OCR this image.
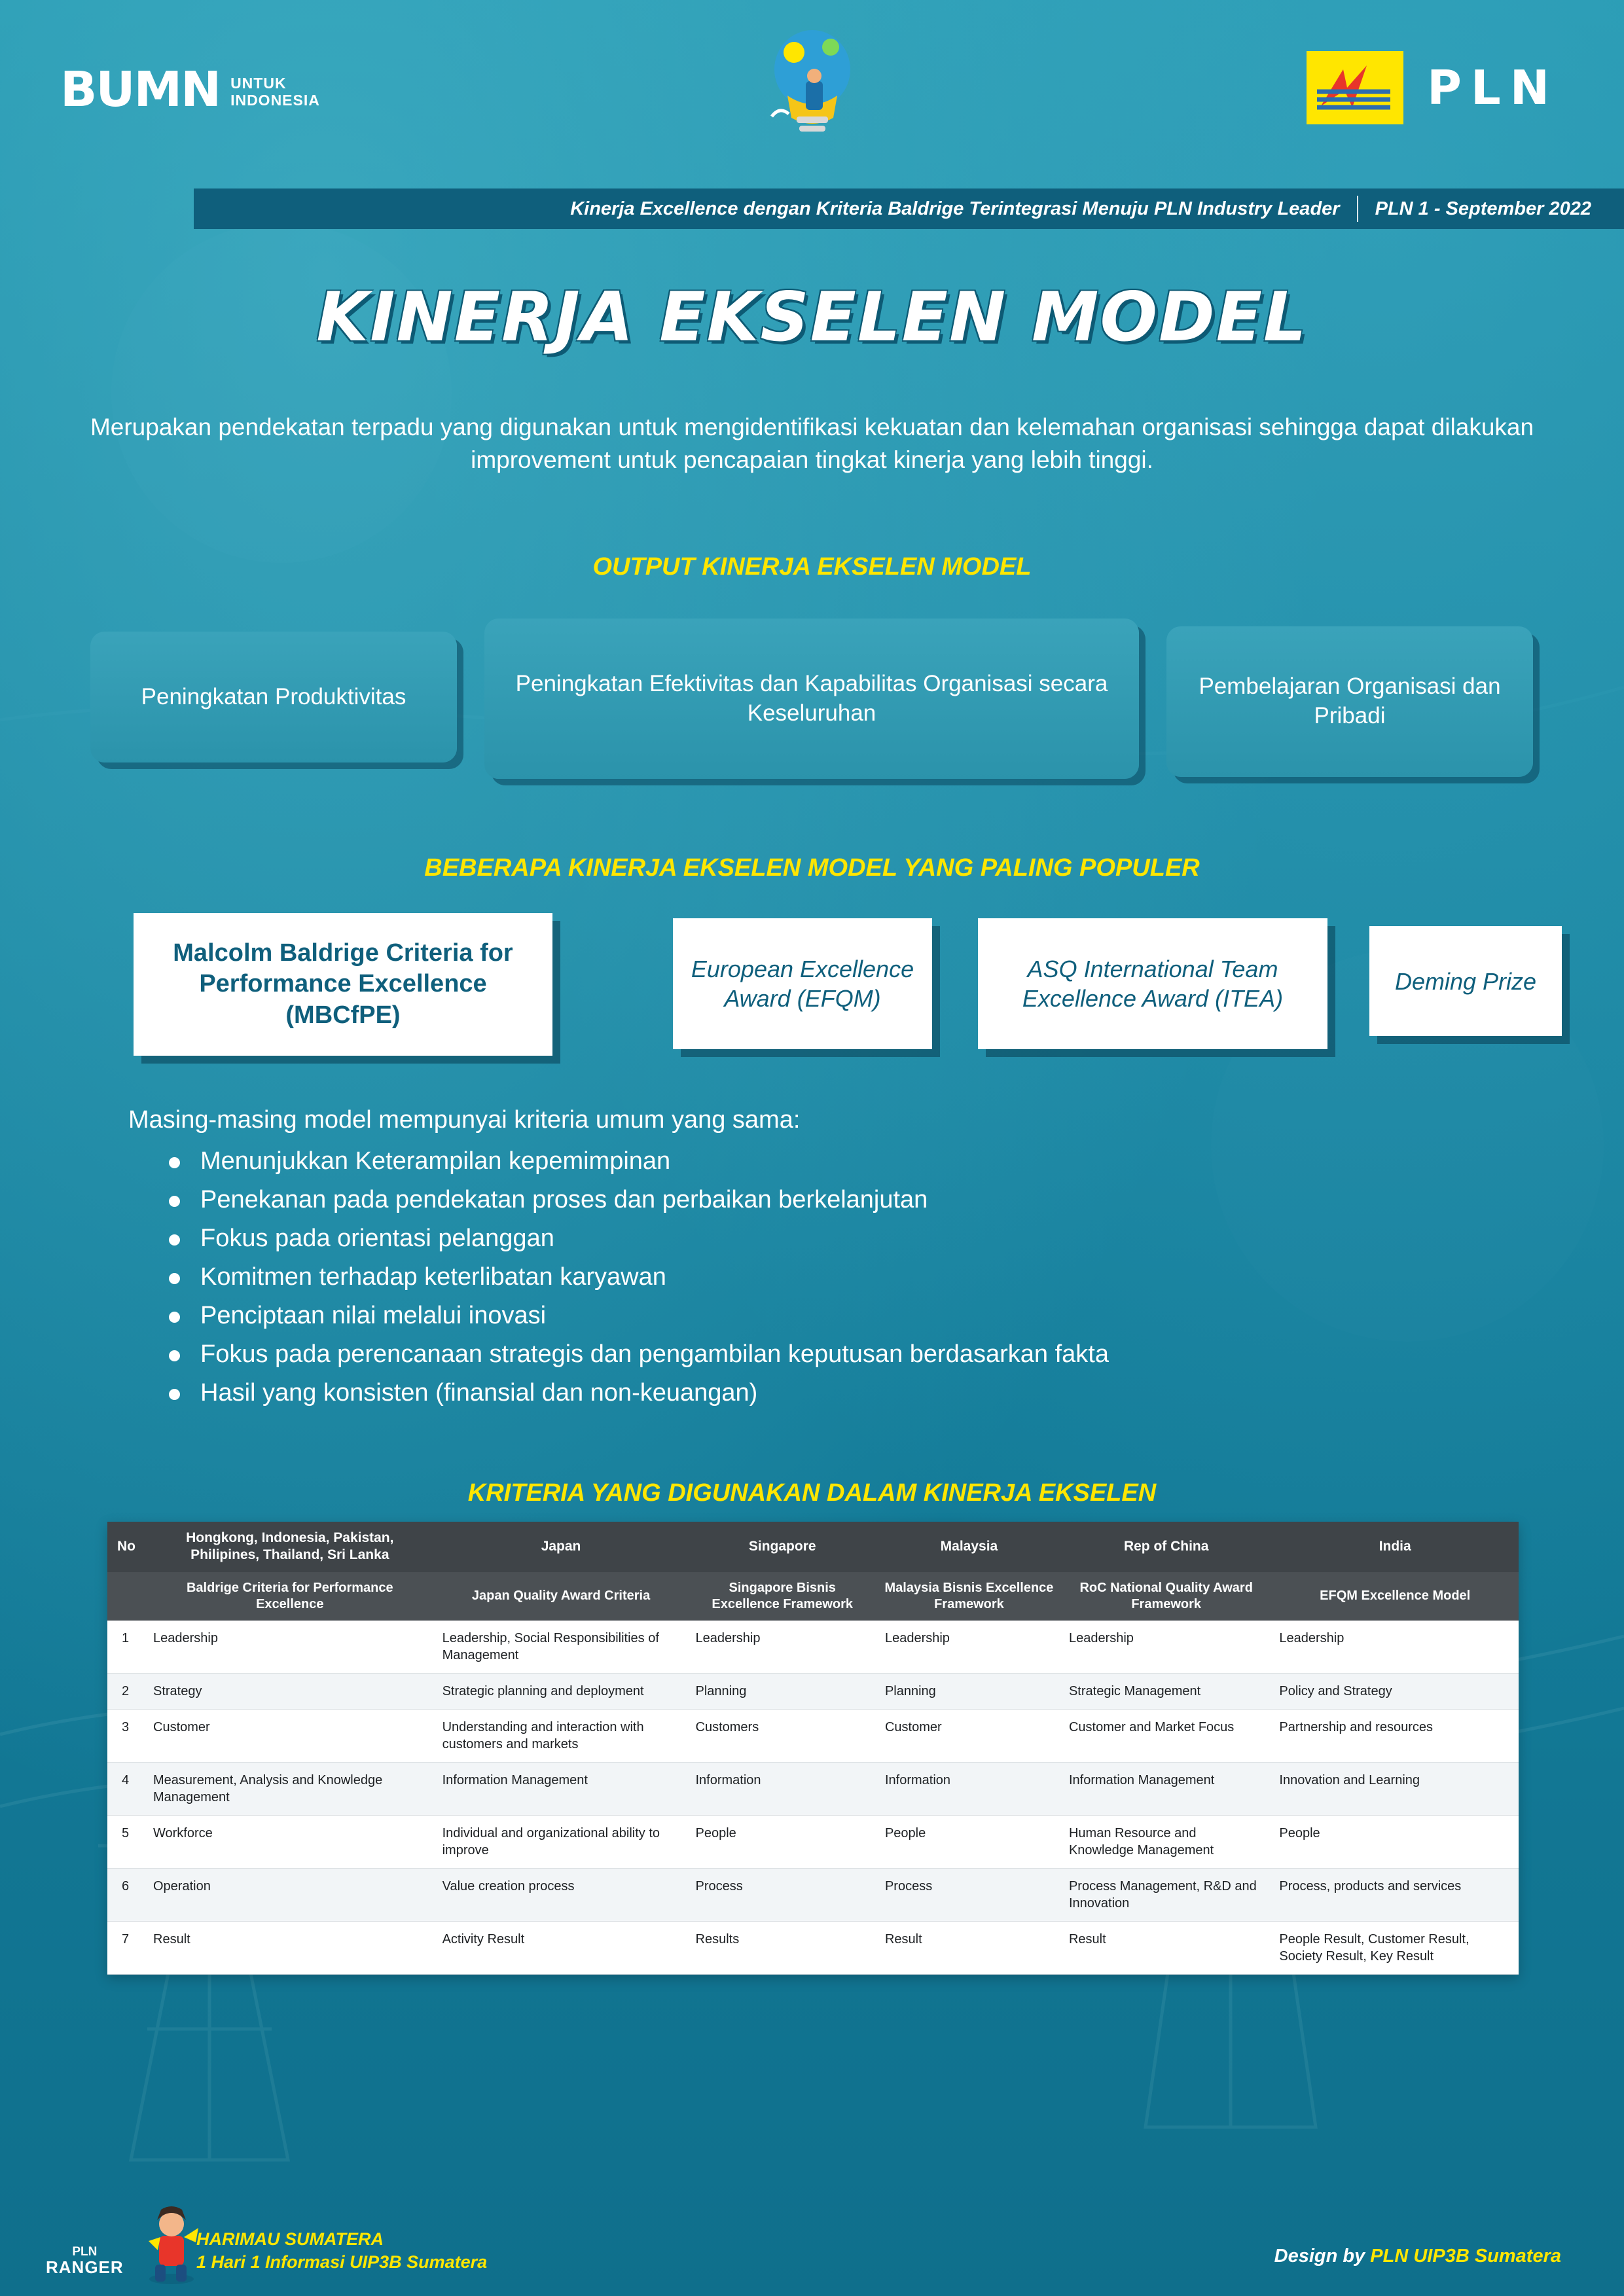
BUMN UNTUK
INDONESIA	PLN
Kinerja Excellence dengan Kriteria Baldrige Terintegrasi Menuju PLN Industry Leader PLN 1 - September 2022
KINERJA EKSELEN MODEL
Merupakan pendekatan terpadu yang digunakan untuk mengidentifikasi kekuatan dan kelemahan organisasi sehingga dapat dilakukan improvement untuk pencapaian tingkat kinerja yang lebih tinggi.
OUTPUT KINERJA EKSELEN MODEL
Peningkatan Produktivitas
Peningkatan Efektivitas dan Kapabilitas Organisasi secara Keseluruhan
Pembelajaran Organisasi dan Pribadi
BEBERAPA KINERJA EKSELEN MODEL YANG PALING POPULER
Malcolm Baldrige Criteria for Performance Excellence (MBCfPE)
European Excellence Award (EFQM)
ASQ International Team Excellence Award (ITEA)
Deming Prize
Masing-masing model mempunyai kriteria umum yang sama:
Menunjukkan Keterampilan kepemimpinan
Penekanan pada pendekatan proses dan perbaikan berkelanjutan
Fokus pada orientasi pelanggan
Komitmen terhadap keterlibatan karyawan
Penciptaan nilai melalui inovasi
Fokus pada perencanaan strategis dan pengambilan keputusan berdasarkan fakta
Hasil yang konsisten (finansial dan non-keuangan)
KRITERIA YANG DIGUNAKAN DALAM KINERJA EKSELEN
No	Hongkong, Indonesia, Pakistan, Philipines, Thailand, Sri Lanka	Japan	Singapore	Malaysia	Rep of China	India
	Baldrige Criteria for Performance Excellence	Japan Quality Award Criteria	Singapore Bisnis Excellence Framework	Malaysia Bisnis Excellence Framework	RoC National Quality Award Framework	EFQM Excellence Model
1	Leadership	Leadership, Social Responsibilities of Management	Leadership	Leadership	Leadership	Leadership
2	Strategy	Strategic planning and deployment	Planning	Planning	Strategic Management	Policy and Strategy
3	Customer	Understanding and interaction with customers and markets	Customers	Customer	Customer and Market Focus	Partnership and resources
4	Measurement, Analysis and Knowledge Management	Information Management	Information	Information	Information Management	Innovation and Learning
5	Workforce	Individual and organizational ability to improve	People	People	Human Resource and Knowledge Management	People
6	Operation	Value creation process	Process	Process	Process Management, R&D and Innovation	Process, products and services
7	Result	Activity Result	Results	Result	Result	People Result, Customer Result, Society Result, Key Result
PLN
RANGER
HARIMAU SUMATERA
1 Hari 1 Informasi UIP3B Sumatera	Design by PLN UIP3B Sumatera
